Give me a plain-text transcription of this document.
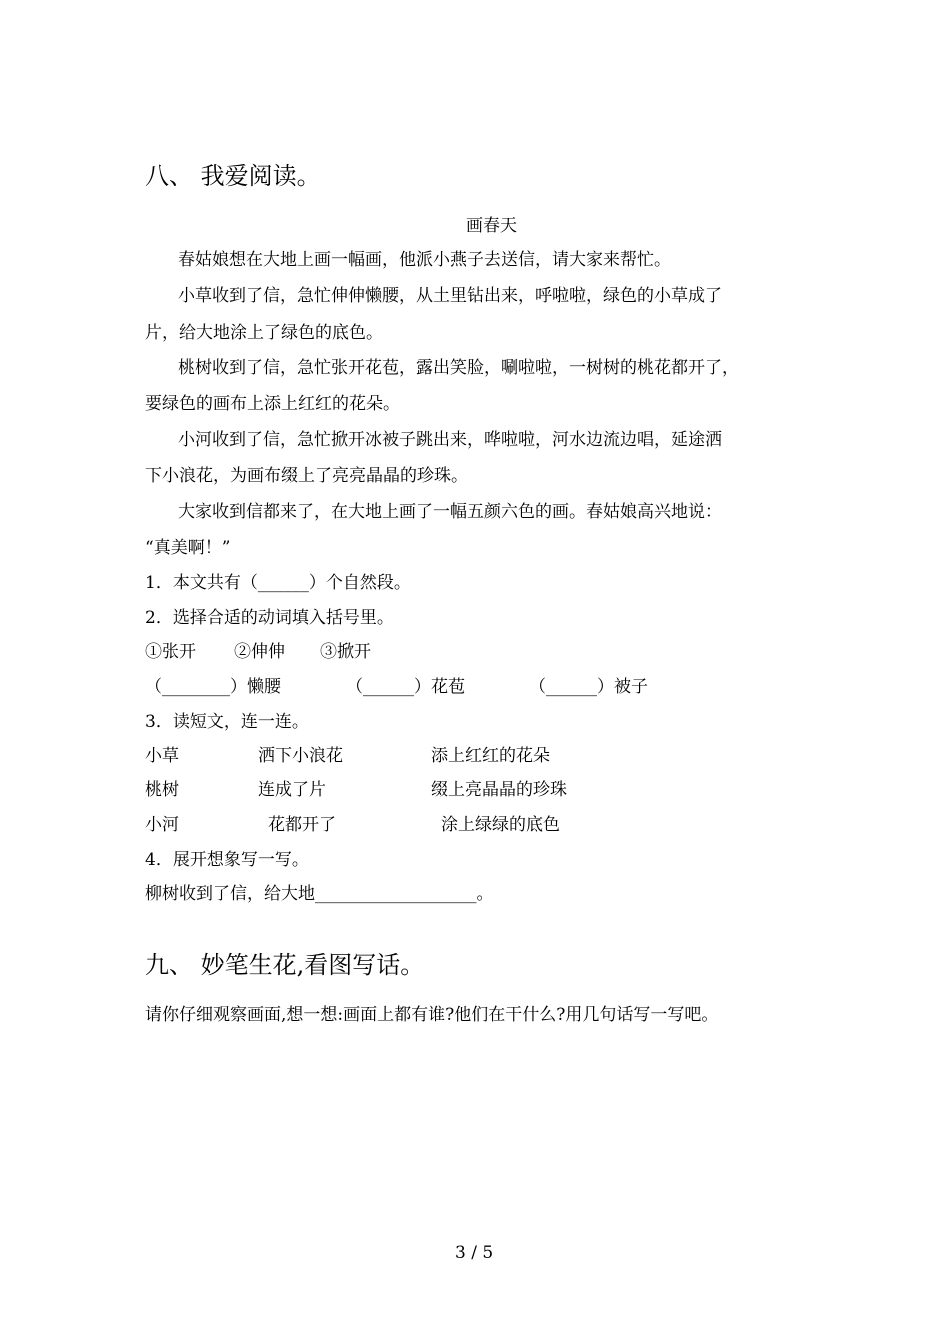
八、 我爱阅读。
画春天
春姑娘想在大地上画一幅画，他派小燕子去送信，请大家来帮忙。
小草收到了信，急忙伸伸懒腰，从土里钻出来，呼啦啦，绿色的小草成了
片，给大地涂上了绿色的底色。
桃树收到了信，急忙张开花苞，露出笑脸，唰啦啦，一树树的桃花都开了，
要绿色的画布上添上红红的花朵。
小河收到了信，急忙掀开冰被子跳出来，哗啦啦，河水边流边唱，延途洒
下小浪花，为画布缀上了亮亮晶晶的珍珠。
大家收到信都来了，在大地上画了一幅五颜六色的画。春姑娘高兴地说：
“真美啊！”
1．本文共有（______）个自然段。
2．选择合适的动词填入括号里。
①张开 ②伸伸 ③掀开
（________）懒腰	（______）花苞	（______）被子
3．读短文，连一连。
小草	洒下小浪花	添上红红的花朵
桃树	连成了片	缀上亮晶晶的珍珠
小河	花都开了	涂上绿绿的底色
4．展开想象写一写。
柳树收到了信，给大地___________________。
九、 妙笔生花,看图写话。
请你仔细观察画面,想一想:画面上都有谁?他们在干什么?用几句话写一写吧。
3 / 5
